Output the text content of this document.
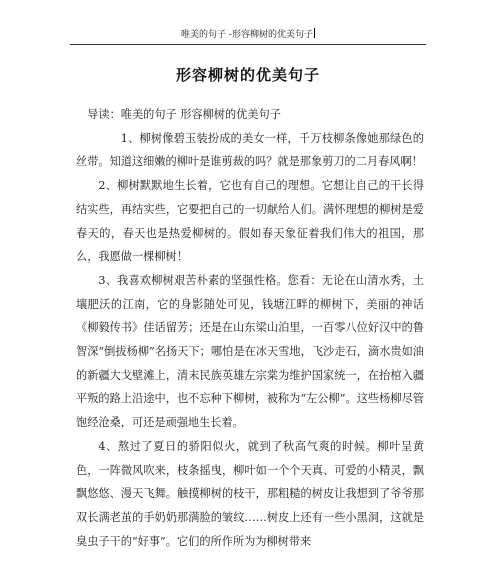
唯美的句子 -形容柳树的优美句子
形容柳树的优美句子

导读：唯美的句子 形容柳树的优美句子

1、柳树像碧玉装扮成的美女一样，千万枝柳条像她那绿色的丝带。知道这细嫩的柳叶是谁剪裁的吗？就是那象剪刀的二月春风啊！

2、柳树默默地生长着，它也有自己的理想。它想让自己的干长得结实些，再结实些，它要把自己的一切献给人们。满怀理想的柳树是爱春天的，春天也是热爱柳树的。假如春天象征着我们伟大的祖国，那么，我愿做一棵柳树！

3、我喜欢柳树艰苦朴素的坚强性格。您看：无论在山清水秀，土壤肥沃的江南，它的身影随处可见，钱塘江畔的柳树下，美丽的神话《柳毅传书》佳话留芳；还是在山东梁山泊里，一百零八位好汉中的鲁智深“倒拔杨柳”名扬天下；哪怕是在冰天雪地，飞沙走石，滴水贵如油的新疆大戈壁滩上，清末民族英雄左宗棠为维护国家统一，在抬棺入疆平叛的路上沿途中，也不忘种下柳树，被称为“左公柳”。这些杨柳尽管饱经沧桑，可还是顽强地生长着。

4、熬过了夏日的骄阳似火，就到了秋高气爽的时候。柳叶呈黄色，一阵微风吹来，枝条摇曳，柳叶如一个个天真、可爱的小精灵，飘飘悠悠、漫天飞舞。触摸柳树的枝干，那粗糙的树皮让我想到了爷爷那双长满老茧的手奶奶那满脸的皱纹……树皮上还有一些小黑洞，这就是臭虫子干的“好事”。它们的所作所为为柳树带来
